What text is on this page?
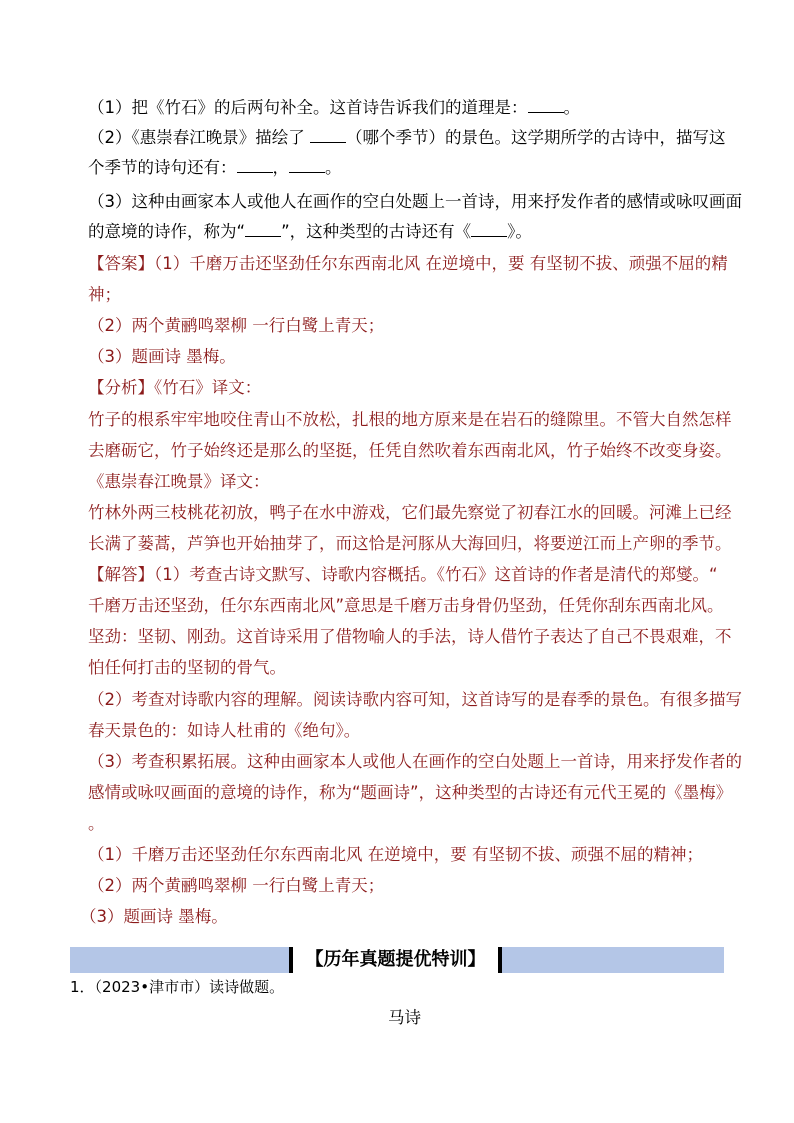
（1）把《竹石》的后两句补全。这首诗告诉我们的道理是： 。
（2）《惠崇春江晚景》描绘了 （哪个季节）的景色。这学期所学的古诗中，描写这
个季节的诗句还有： ， 。
（3）这种由画家本人或他人在画作的空白处题上一首诗，用来抒发作者的感情或咏叹画面
的意境的诗作，称为“ ”，这种类型的古诗还有《 》。
【答案】（1）千磨万击还坚劲任尔东西南北风 在逆境中，要 有坚韧不拔、顽强不屈的精
神；
（2）两个黄鹂鸣翠柳 一行白鹭上青天；
（3）题画诗 墨梅。
【分析】《竹石》译文：
竹子的根系牢牢地咬住青山不放松，扎根的地方原来是在岩石的缝隙里。不管大自然怎样
去磨砺它，竹子始终还是那么的坚挺，任凭自然吹着东西南北风，竹子始终不改变身姿。
《惠崇春江晚景》译文：
竹林外两三枝桃花初放，鸭子在水中游戏，它们最先察觉了初春江水的回暖。河滩上已经
长满了蒌蒿，芦笋也开始抽芽了，而这恰是河豚从大海回归，将要逆江而上产卵的季节。
【解答】（1）考查古诗文默写、诗歌内容概括。《竹石》这首诗的作者是清代的郑燮。“
千磨万击还坚劲，任尔东西南北风”意思是千磨万击身骨仍坚劲，任凭你刮东西南北风。
坚劲：坚韧、刚劲。这首诗采用了借物喻人的手法，诗人借竹子表达了自己不畏艰难，不
怕任何打击的坚韧的骨气。
（2）考查对诗歌内容的理解。阅读诗歌内容可知，这首诗写的是春季的景色。有很多描写
春天景色的：如诗人杜甫的《绝句》。
（3）考查积累拓展。这种由画家本人或他人在画作的空白处题上一首诗，用来抒发作者的
感情或咏叹画面的意境的诗作，称为“题画诗”，这种类型的古诗还有元代王冕的《墨梅》
。
（1）千磨万击还坚劲任尔东西南北风 在逆境中，要 有坚韧不拔、顽强不屈的精神；
（2）两个黄鹂鸣翠柳 一行白鹭上青天；
（3）题画诗 墨梅。
【历年真题提优特训】
1．（2023•津市市）读诗做题。
马诗
